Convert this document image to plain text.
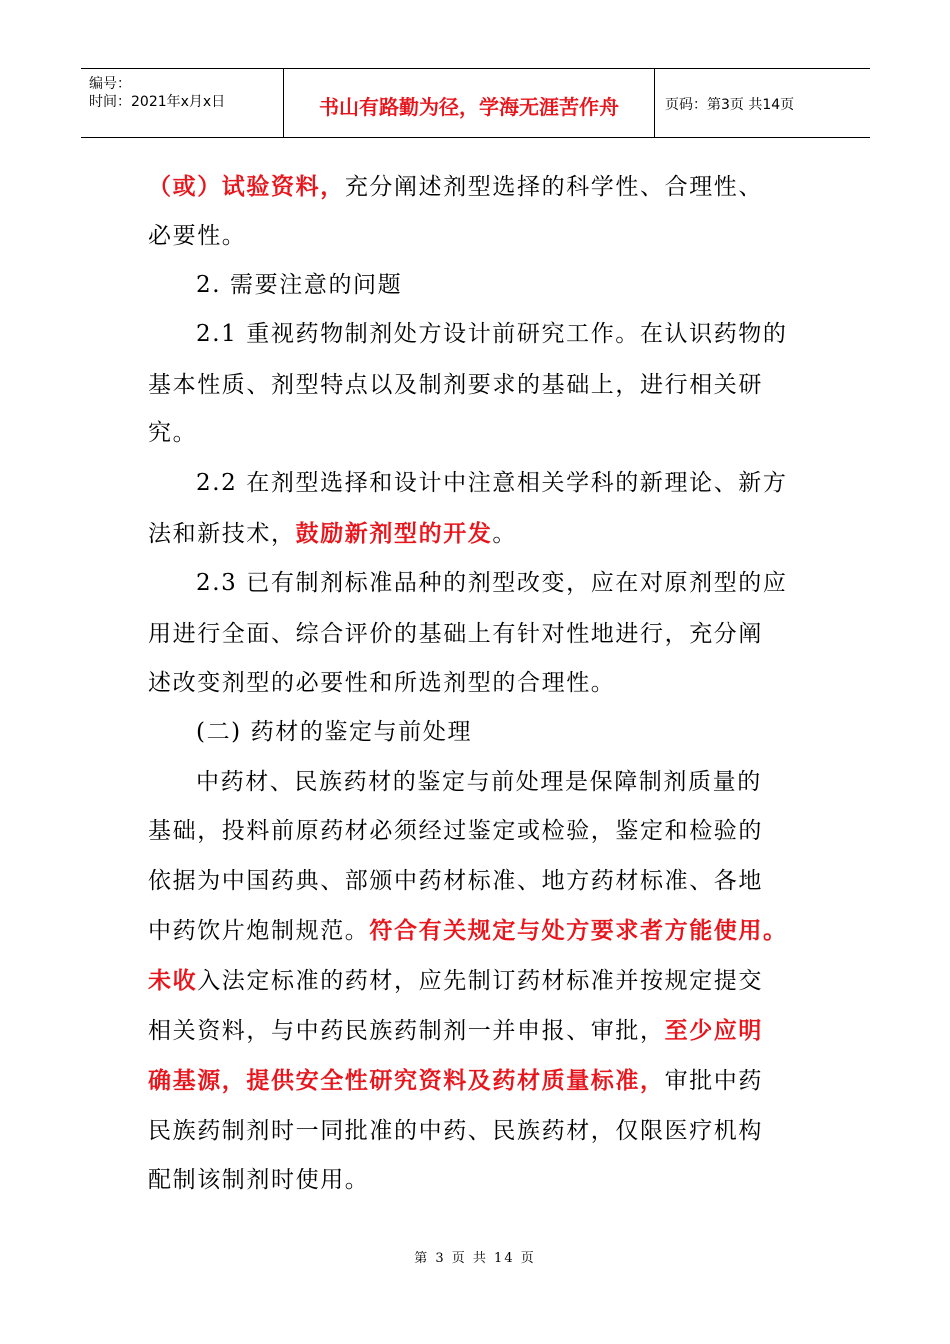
编号：
时间：2021年x月x日	书山有路勤为径，学海无涯苦作舟	页码：第3页 共14页
（或）试验资料，充分阐述剂型选择的科学性、合理性、
必要性。
2. 需要注意的问题
2.1 重视药物制剂处方设计前研究工作。在认识药物的
基本性质、剂型特点以及制剂要求的基础上，进行相关研
究。
2.2 在剂型选择和设计中注意相关学科的新理论、新方
法和新技术，鼓励新剂型的开发。
2.3 已有制剂标准品种的剂型改变，应在对原剂型的应
用进行全面、综合评价的基础上有针对性地进行，充分阐
述改变剂型的必要性和所选剂型的合理性。
(二) 药材的鉴定与前处理
中药材、民族药材的鉴定与前处理是保障制剂质量的
基础，投料前原药材必须经过鉴定或检验，鉴定和检验的
依据为中国药典、部颁中药材标准、地方药材标准、各地
中药饮片炮制规范。符合有关规定与处方要求者方能使用。
未收入法定标准的药材，应先制订药材标准并按规定提交
相关资料，与中药民族药制剂一并申报、审批，至少应明
确基源，提供安全性研究资料及药材质量标准，审批中药
民族药制剂时一同批准的中药、民族药材，仅限医疗机构
配制该制剂时使用。
第 3 页 共 14 页
